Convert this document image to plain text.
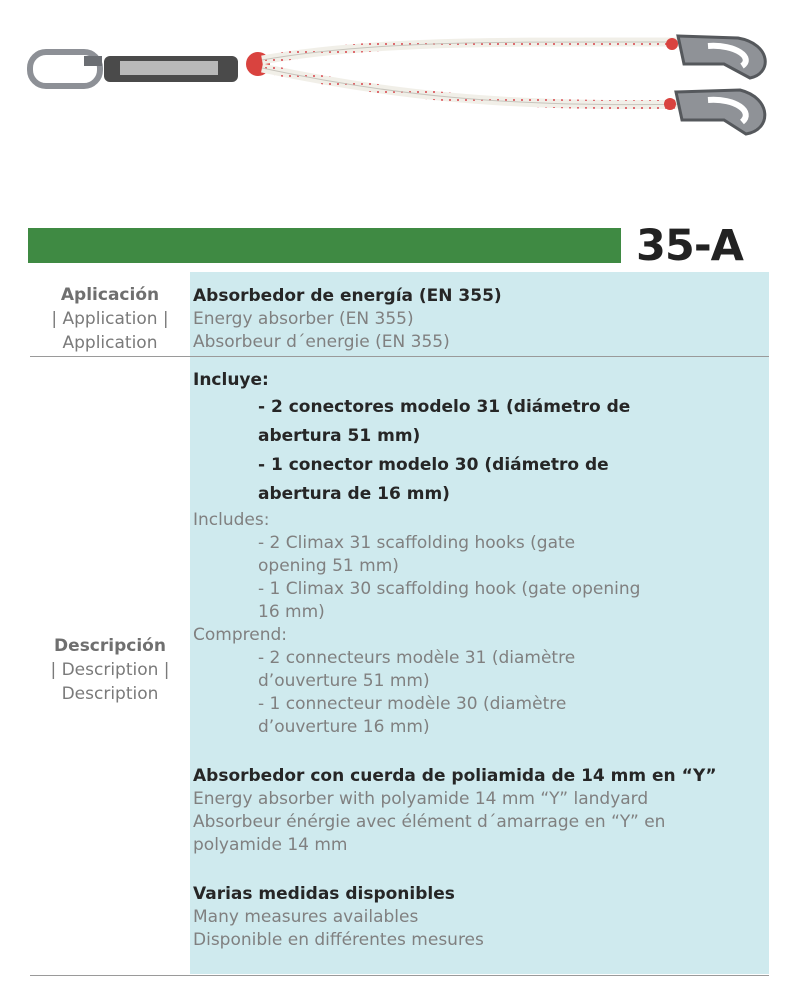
35-A
Aplicación
| Application |
Application
Absorbedor de energía (EN 355)
Energy absorber (EN 355)
Absorbeur d´energie (EN 355)
Descripción
| Description |
Description
Incluye:
- 2 conectores modelo 31 (diámetro de
abertura 51 mm)
- 1 conector modelo 30 (diámetro de
abertura de 16 mm)
Includes:
- 2 Climax 31 scaffolding hooks (gate
opening 51 mm)
- 1 Climax 30 scaffolding hook (gate opening
16 mm)
Comprend:
- 2 connecteurs modèle 31 (diamètre
d’ouverture 51 mm)
- 1 connecteur modèle 30 (diamètre
d’ouverture 16 mm)
Absorbedor con cuerda de poliamida de 14 mm en “Y”
Energy absorber with polyamide 14 mm “Y” landyard
Absorbeur énérgie avec élément d´amarrage en “Y” en
polyamide 14 mm
Varias medidas disponibles
Many measures availables
Disponible en différentes mesures
